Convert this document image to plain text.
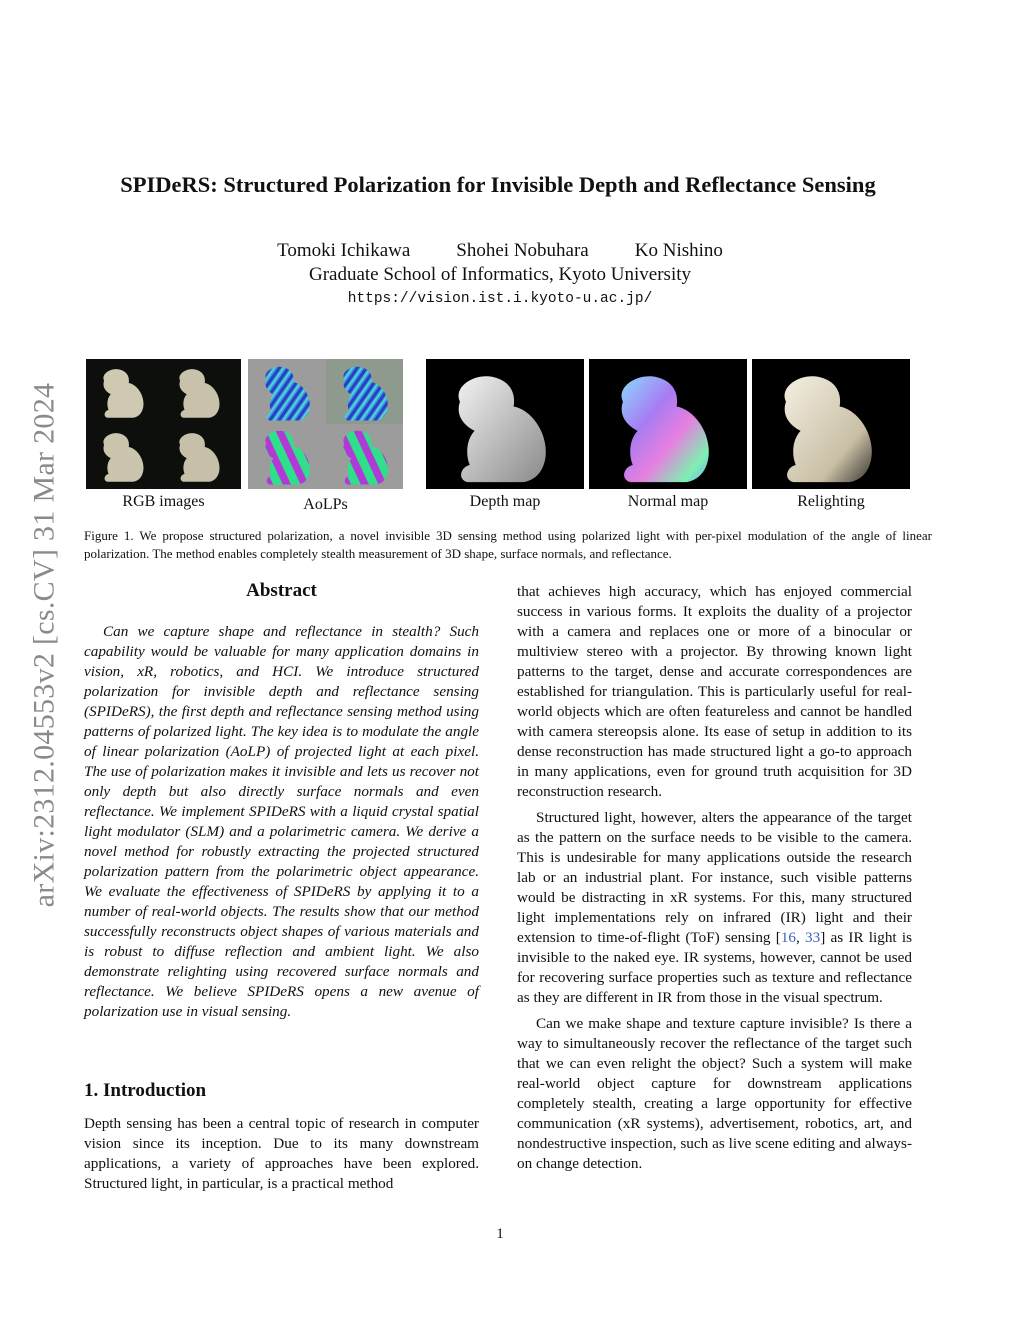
arXiv:2312.04553v2 [cs.CV] 31 Mar 2024
SPIDeRS: Structured Polarization for Invisible Depth and Reflectance Sensing
Tomoki Ichikawa Shohei Nobuhara Ko Nishino
Graduate School of Informatics, Kyoto University
https://vision.ist.i.kyoto-u.ac.jp/
RGB images	AoLPs	Depth map	Normal map	Relighting
Figure 1. We propose structured polarization, a novel invisible 3D sensing method using polarized light with per-pixel modulation of the angle of linear polarization. The method enables completely stealth measurement of 3D shape, surface normals, and reflectance.
Abstract

Can we capture shape and reflectance in stealth? Such capability would be valuable for many application domains in vision, xR, robotics, and HCI. We introduce structured polarization for invisible depth and reflectance sensing (SPIDeRS), the first depth and reflectance sensing method using patterns of polarized light. The key idea is to modulate the angle of linear polarization (AoLP) of projected light at each pixel. The use of polarization makes it invisible and lets us recover not only depth but also directly surface normals and even reflectance. We implement SPIDeRS with a liquid crystal spatial light modulator (SLM) and a polarimetric camera. We derive a novel method for robustly extracting the projected structured polarization pattern from the polarimetric object appearance. We evaluate the effectiveness of SPIDeRS by applying it to a number of real-world objects. The results show that our method successfully reconstructs object shapes of various materials and is robust to diffuse reflection and ambient light. We also demonstrate relighting using recovered surface normals and reflectance. We believe SPIDeRS opens a new avenue of polarization use in visual sensing.

1. Introduction

Depth sensing has been a central topic of research in computer vision since its inception. Due to its many downstream applications, a variety of approaches have been explored. Structured light, in particular, is a practical method

that achieves high accuracy, which has enjoyed commercial success in various forms. It exploits the duality of a projector with a camera and replaces one or more of a binocular or multiview stereo with a projector. By throwing known light patterns to the target, dense and accurate correspondences are established for triangulation. This is particularly useful for real-world objects which are often featureless and cannot be handled with camera stereopsis alone. Its ease of setup in addition to its dense reconstruction has made structured light a go-to approach in many applications, even for ground truth acquisition for 3D reconstruction research.

Structured light, however, alters the appearance of the target as the pattern on the surface needs to be visible to the camera. This is undesirable for many applications outside the research lab or an industrial plant. For instance, such visible patterns would be distracting in xR systems. For this, many structured light implementations rely on infrared (IR) light and their extension to time-of-flight (ToF) sensing [16, 33] as IR light is invisible to the naked eye. IR systems, however, cannot be used for recovering surface properties such as texture and reflectance as they are different in IR from those in the visual spectrum.

Can we make shape and texture capture invisible? Is there a way to simultaneously recover the reflectance of the target such that we can even relight the object? Such a system will make real-world object capture for downstream applications completely stealth, creating a large opportunity for effective communication (xR systems), advertisement, robotics, art, and nondestructive inspection, such as live scene editing and always-on change detection.

1
